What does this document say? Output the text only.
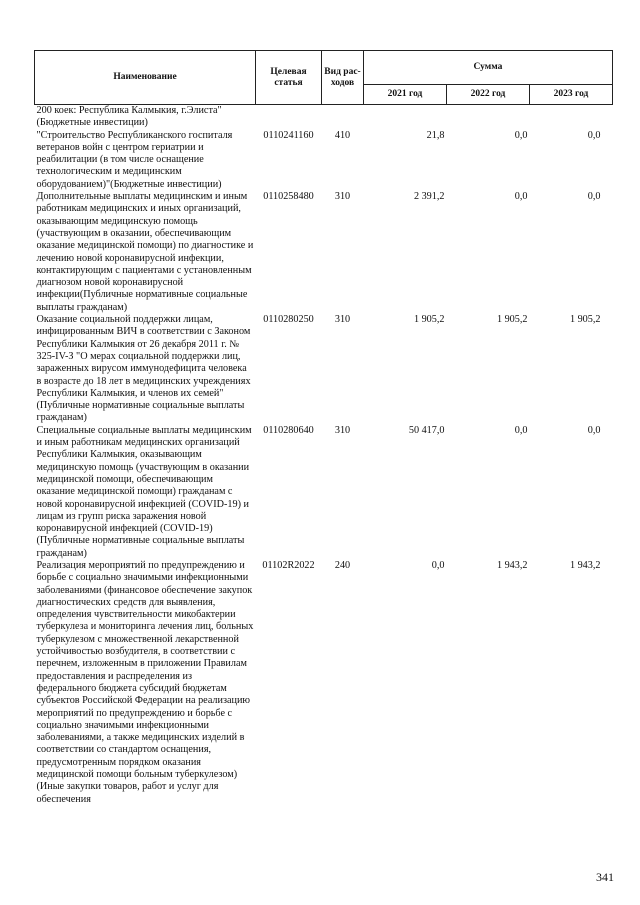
Наименование	Целевая статья	Вид рас-ходов	Сумма		
			2021 год	2022 год	2023 год
200 коек: Республика Калмыкия, г.Элиста"(Бюджетные инвестиции)					
"Строительство Республиканского госпиталя ветеранов войн с центром гериатрии и реабилитации (в том числе оснащение технологическим и медицинским оборудованием)"(Бюджетные инвестиции)	0110241160	410	21,8	0,0	0,0
Дополнительные выплаты медицинским и иным работникам медицинских и иных организаций, оказывающим медицинскую помощь (участвующим в оказании, обеспечивающим оказание медицинской помощи) по диагностике и лечению новой коронавирусной инфекции, контактирующим с пациентами с установленным диагнозом новой коронавирусной инфекции(Публичные нормативные социальные выплаты гражданам)	0110258480	310	2 391,2	0,0	0,0
Оказание социальной поддержки лицам, инфицированным ВИЧ в соответствии с Законом Республики Калмыкия от 26 декабря 2011 г. № 325-IV-З "О мерах социальной поддержки лиц, зараженных вирусом иммунодефицита человека в возрасте до 18 лет в медицинских учреждениях Республики Калмыкия, и членов их семей"(Публичные нормативные социальные выплаты гражданам)	0110280250	310	1 905,2	1 905,2	1 905,2
Специальные социальные выплаты медицинским и иным работникам медицинских организаций Республики Калмыкия, оказывающим медицинскую помощь (участвующим в оказании медицинской помощи, обеспечивающим оказание медицинской помощи) гражданам с новой коронавирусной инфекцией (COVID-19) и лицам из групп риска заражения новой коронавирусной инфекцией (COVID-19)(Публичные нормативные социальные выплаты гражданам)	0110280640	310	50 417,0	0,0	0,0
Реализация мероприятий по предупреждению и борьбе с социально значимыми инфекционными заболеваниями (финансовое обеспечение закупок диагностических средств для выявления, определения чувствительности микобактерии туберкулеза и мониторинга лечения лиц, больных туберкулезом с множественной лекарственной устойчивостью возбудителя, в соответствии с перечнем, изложенным в приложении Правилам предоставления и распределения из федерального бюджета субсидий бюджетам субъектов Российской Федерации на реализацию мероприятий по предупреждению и борьбе с социально значимыми инфекционными заболеваниями, а также медицинских изделий в соответствии со стандартом оснащения, предусмотренным порядком оказания медицинской помощи больным туберкулезом)(Иные закупки товаров, работ и услуг для обеспечения	01102R2022	240	0,0	1 943,2	1 943,2
341
